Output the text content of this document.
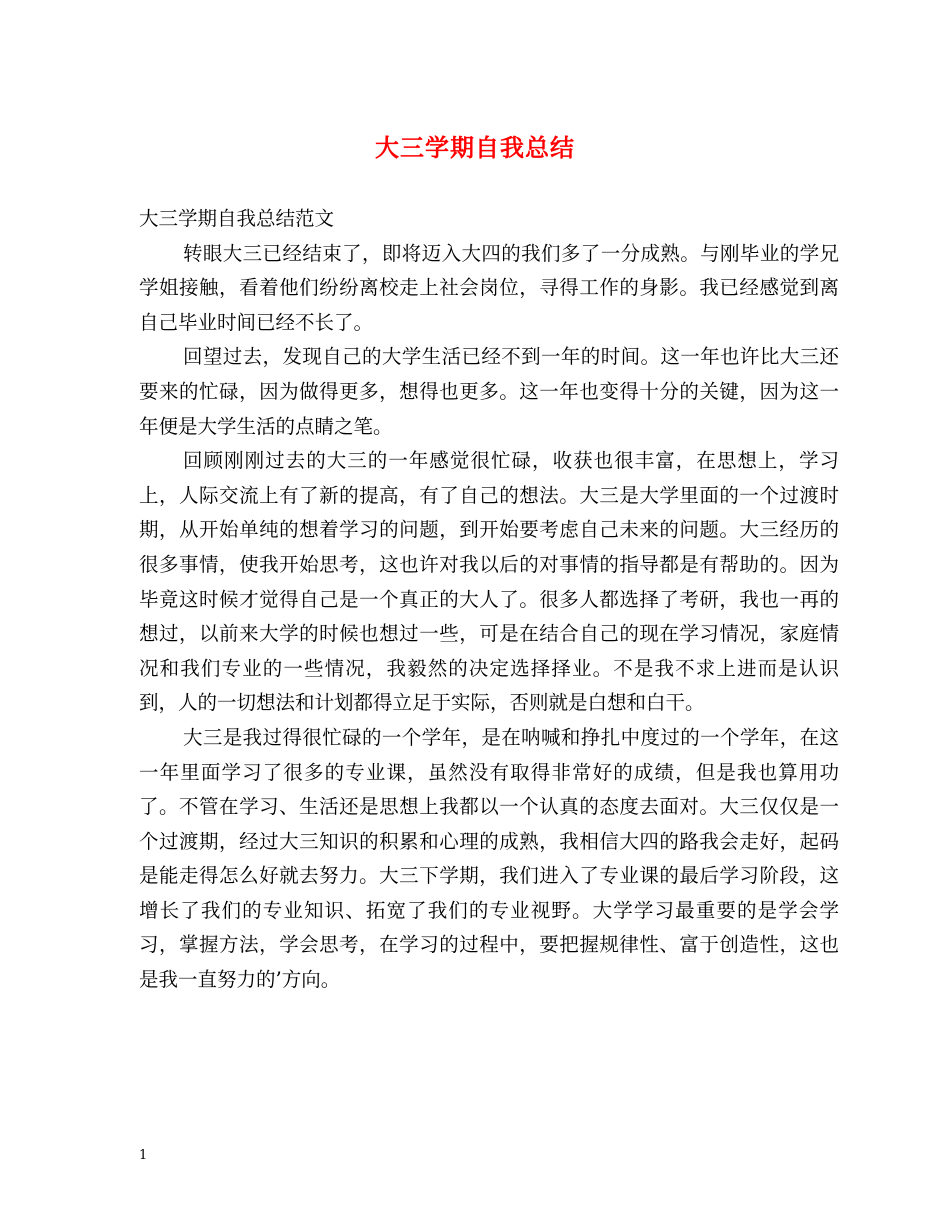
大三学期自我总结

大三学期自我总结范文

转眼大三已经结束了，即将迈入大四的我们多了一分成熟。与刚毕业的学兄学姐接触，看着他们纷纷离校走上社会岗位，寻得工作的身影。我已经感觉到离自己毕业时间已经不长了。

回望过去，发现自己的大学生活已经不到一年的时间。这一年也许比大三还要来的忙碌，因为做得更多，想得也更多。这一年也变得十分的关键，因为这一年便是大学生活的点睛之笔。

回顾刚刚过去的大三的一年感觉很忙碌，收获也很丰富，在思想上，学习上，人际交流上有了新的提高，有了自己的想法。大三是大学里面的一个过渡时期，从开始单纯的想着学习的问题，到开始要考虑自己未来的问题。大三经历的很多事情，使我开始思考，这也许对我以后的对事情的指导都是有帮助的。因为毕竟这时候才觉得自己是一个真正的大人了。很多人都选择了考研，我也一再的想过，以前来大学的时候也想过一些，可是在结合自己的现在学习情况，家庭情况和我们专业的一些情况，我毅然的决定选择择业。不是我不求上进而是认识到，人的一切想法和计划都得立足于实际，否则就是白想和白干。

大三是我过得很忙碌的一个学年，是在呐喊和挣扎中度过的一个学年，在这一年里面学习了很多的专业课，虽然没有取得非常好的成绩，但是我也算用功了。不管在学习、生活还是思想上我都以一个认真的态度去面对。大三仅仅是一个过渡期，经过大三知识的积累和心理的成熟，我相信大四的路我会走好，起码是能走得怎么好就去努力。大三下学期，我们进入了专业课的最后学习阶段，这增长了我们的专业知识、拓宽了我们的专业视野。大学学习最重要的是学会学习，掌握方法，学会思考，在学习的过程中，要把握规律性、富于创造性，这也是我一直努力的’方向。

1
